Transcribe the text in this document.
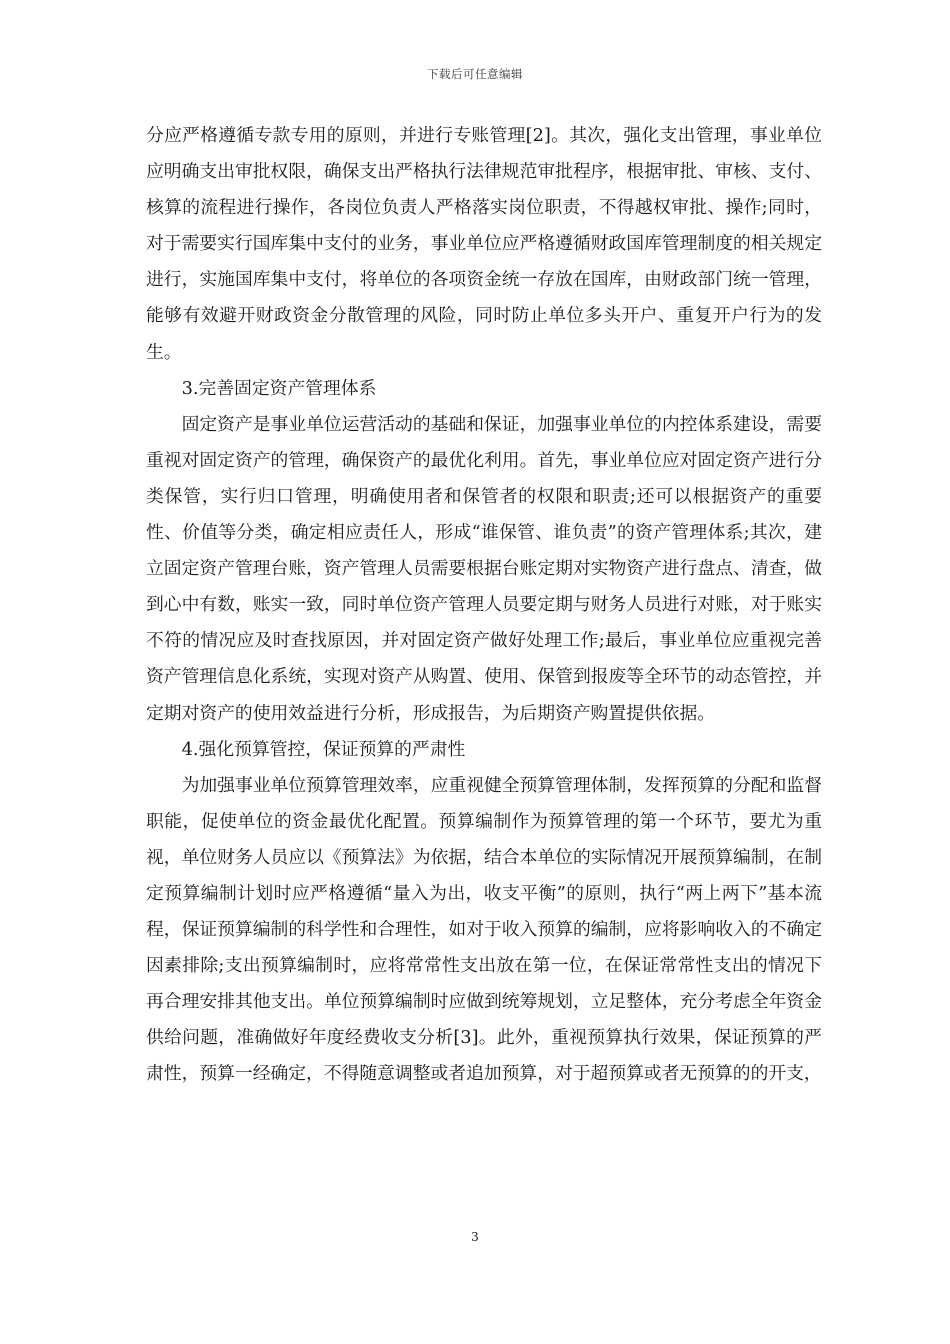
下载后可任意编辑

分应严格遵循专款专用的原则，并进行专账管理[2]。其次，强化支出管理，事业单位应明确支出审批权限，确保支出严格执行法律规范审批程序，根据审批、审核、支付、核算的流程进行操作，各岗位负责人严格落实岗位职责，不得越权审批、操作;同时，对于需要实行国库集中支付的业务，事业单位应严格遵循财政国库管理制度的相关规定进行，实施国库集中支付，将单位的各项资金统一存放在国库，由财政部门统一管理，能够有效避开财政资金分散管理的风险，同时防止单位多头开户、重复开户行为的发生。

3.完善固定资产管理体系

固定资产是事业单位运营活动的基础和保证，加强事业单位的内控体系建设，需要重视对固定资产的管理，确保资产的最优化利用。首先，事业单位应对固定资产进行分类保管，实行归口管理，明确使用者和保管者的权限和职责;还可以根据资产的重要性、价值等分类，确定相应责任人，形成“谁保管、谁负责”的资产管理体系;其次，建立固定资产管理台账，资产管理人员需要根据台账定期对实物资产进行盘点、清查，做到心中有数，账实一致，同时单位资产管理人员要定期与财务人员进行对账，对于账实不符的情况应及时查找原因，并对固定资产做好处理工作;最后，事业单位应重视完善资产管理信息化系统，实现对资产从购置、使用、保管到报废等全环节的动态管控，并定期对资产的使用效益进行分析，形成报告，为后期资产购置提供依据。

4.强化预算管控，保证预算的严肃性

为加强事业单位预算管理效率，应重视健全预算管理体制，发挥预算的分配和监督职能，促使单位的资金最优化配置。预算编制作为预算管理的第一个环节，要尤为重视，单位财务人员应以《预算法》为依据，结合本单位的实际情况开展预算编制，在制定预算编制计划时应严格遵循“量入为出，收支平衡”的原则，执行“两上两下”基本流程，保证预算编制的科学性和合理性，如对于收入预算的编制，应将影响收入的不确定因素排除;支出预算编制时，应将常常性支出放在第一位，在保证常常性支出的情况下再合理安排其他支出。单位预算编制时应做到统筹规划，立足整体，充分考虑全年资金供给问题，准确做好年度经费收支分析[3]。此外，重视预算执行效果，保证预算的严肃性，预算一经确定，不得随意调整或者追加预算，对于超预算或者无预算的的开支，

3
